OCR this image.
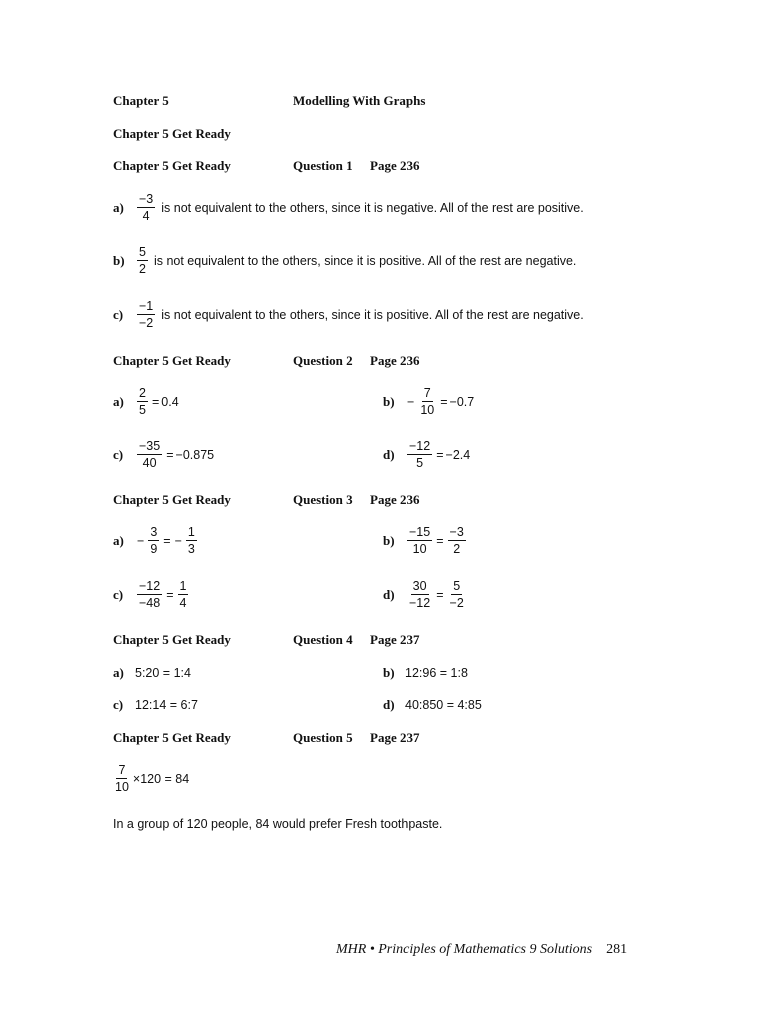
Chapter 5	Modelling With Graphs
Chapter 5 Get Ready
Chapter 5 Get Ready	Question 1 Page 236
a)	$\frac{-3}{4}$ is not equivalent to the others, since it is negative. All of the rest are positive.
$b) \frac{5}{2}$ is not equivalent to the others, since it is positive. All of the rest are negative.
c)	$\frac{-1}{-2}$ is not equivalent to the others, since it is positive. All of the rest are negative.
Chapter 5 Get Ready	Question 2 Page 236
a)	$\frac{2}{5} = 0.4$	$b) - \frac{7}{10} = -0.7$
c)	$\frac{-35}{40} = -0.875$	$d) \frac{-12}{5} = -2.4$
Chapter 5 Get Ready	Question 3 Page 236
a)	− $\frac{3}{9}$ = − $\frac{1}{3}$	$b) \frac{-15}{10} = \frac{-3}{2}$
c)	$\frac{-12}{-48} = \frac{1}{4}$	$d) \frac{30}{-12} = \frac{5}{-2}$
Chapter 5 Get Ready	Question 4 Page 237
a) 5:20 = 1:4	b) 12:96 = 1:8
c) 12:14 = 6:7	d) 40:850 = 4:85
Chapter 5 Get Ready	Question 5 Page 237
$\frac{7}{10} \times 120 = 84$
In a group of 120 people, 84 would prefer Fresh toothpaste.
MHR • Principles of Mathematics 9 Solutions 281
